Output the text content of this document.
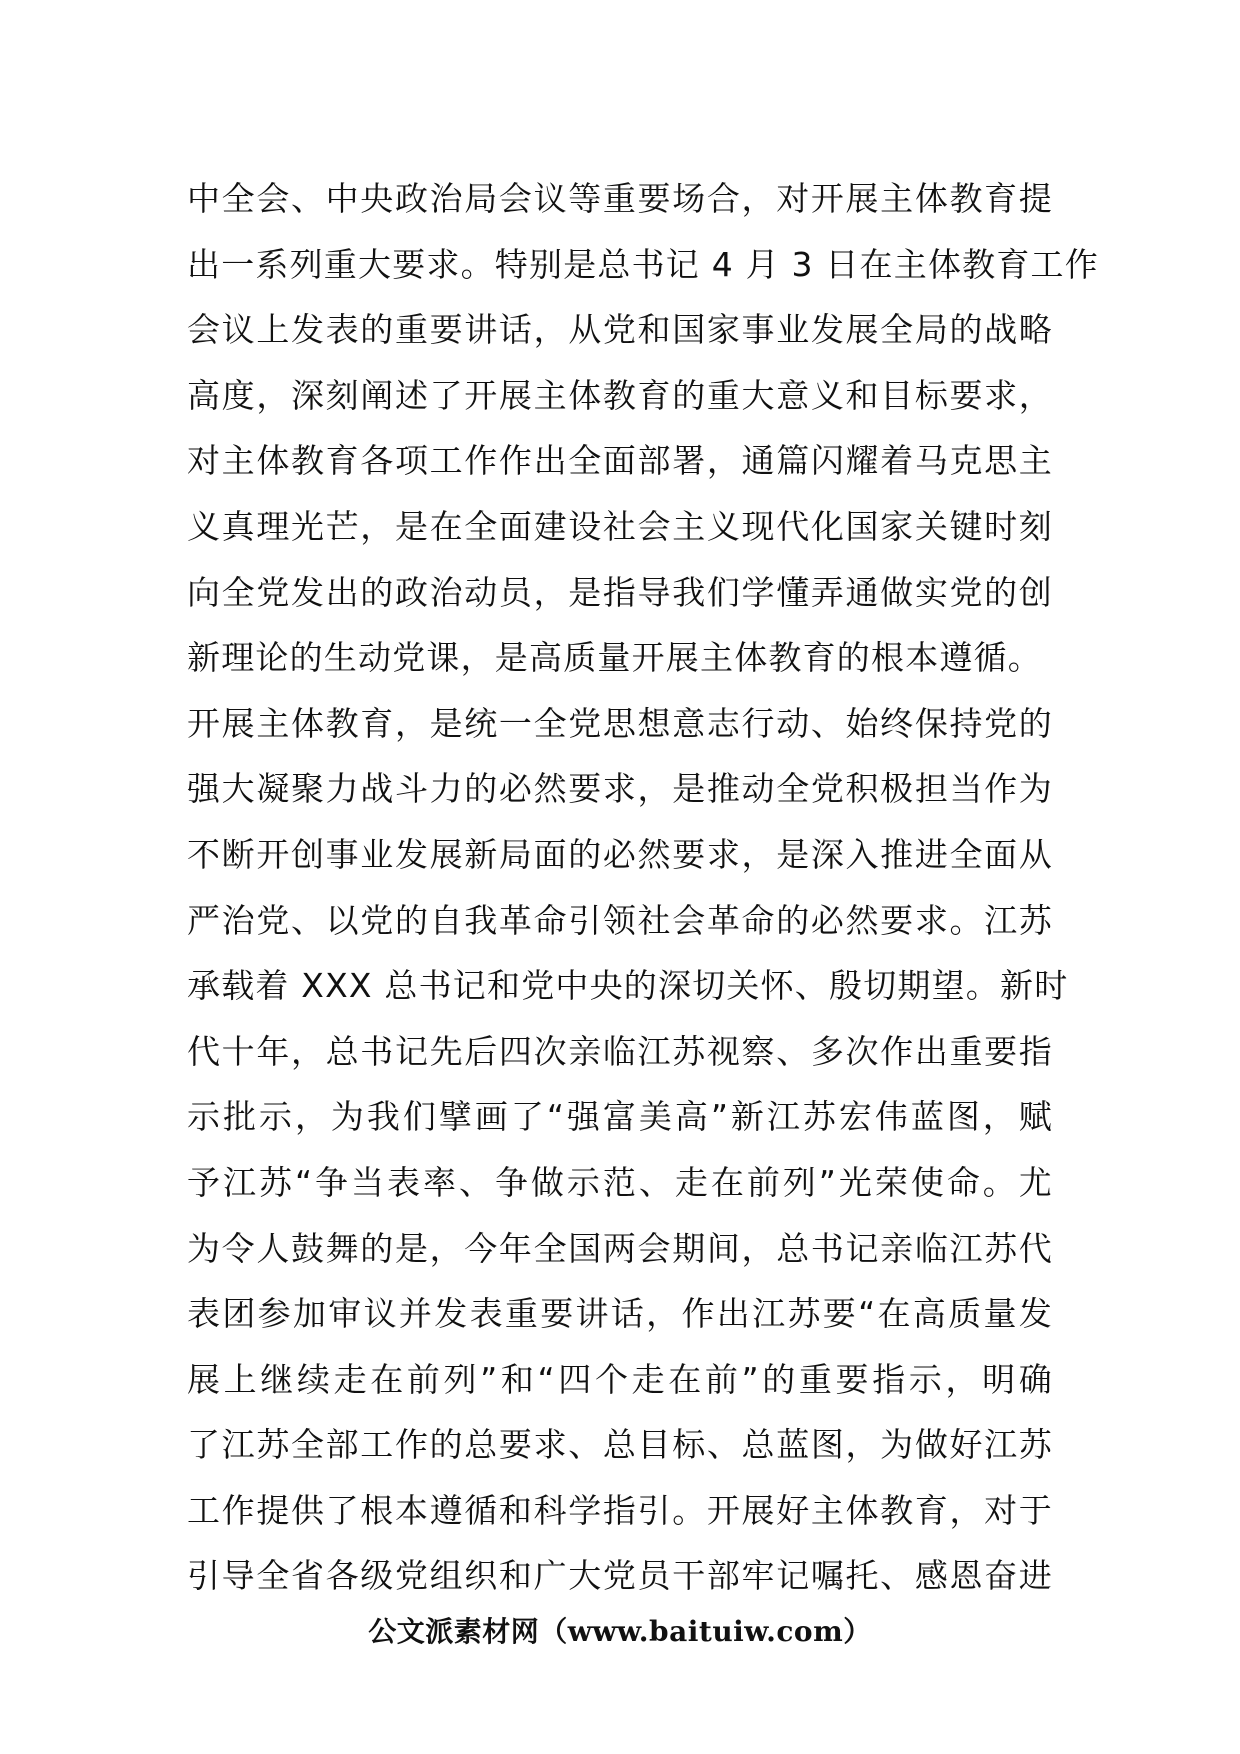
中全会、中央政治局会议等重要场合，对开展主体教育提
出一系列重大要求。特别是总书记 4 月 3 日在主体教育工作
会议上发表的重要讲话，从党和国家事业发展全局的战略
高度，深刻阐述了开展主体教育的重大意义和目标要求，
对主体教育各项工作作出全面部署，通篇闪耀着马克思主
义真理光芒，是在全面建设社会主义现代化国家关键时刻
向全党发出的政治动员，是指导我们学懂弄通做实党的创
新理论的生动党课，是高质量开展主体教育的根本遵循。
开展主体教育，是统一全党思想意志行动、始终保持党的
强大凝聚力战斗力的必然要求，是推动全党积极担当作为
不断开创事业发展新局面的必然要求，是深入推进全面从
严治党、以党的自我革命引领社会革命的必然要求。江苏
承载着 XXX 总书记和党中央的深切关怀、殷切期望。新时
代十年，总书记先后四次亲临江苏视察、多次作出重要指
示批示，为我们擘画了“强富美高”新江苏宏伟蓝图，赋
予江苏“争当表率、争做示范、走在前列”光荣使命。尤
为令人鼓舞的是，今年全国两会期间，总书记亲临江苏代
表团参加审议并发表重要讲话，作出江苏要“在高质量发
展上继续走在前列”和“四个走在前”的重要指示，明确
了江苏全部工作的总要求、总目标、总蓝图，为做好江苏
工作提供了根本遵循和科学指引。开展好主体教育，对于
引导全省各级党组织和广大党员干部牢记嘱托、感恩奋进
公文派素材网（www.baituiw.com）
